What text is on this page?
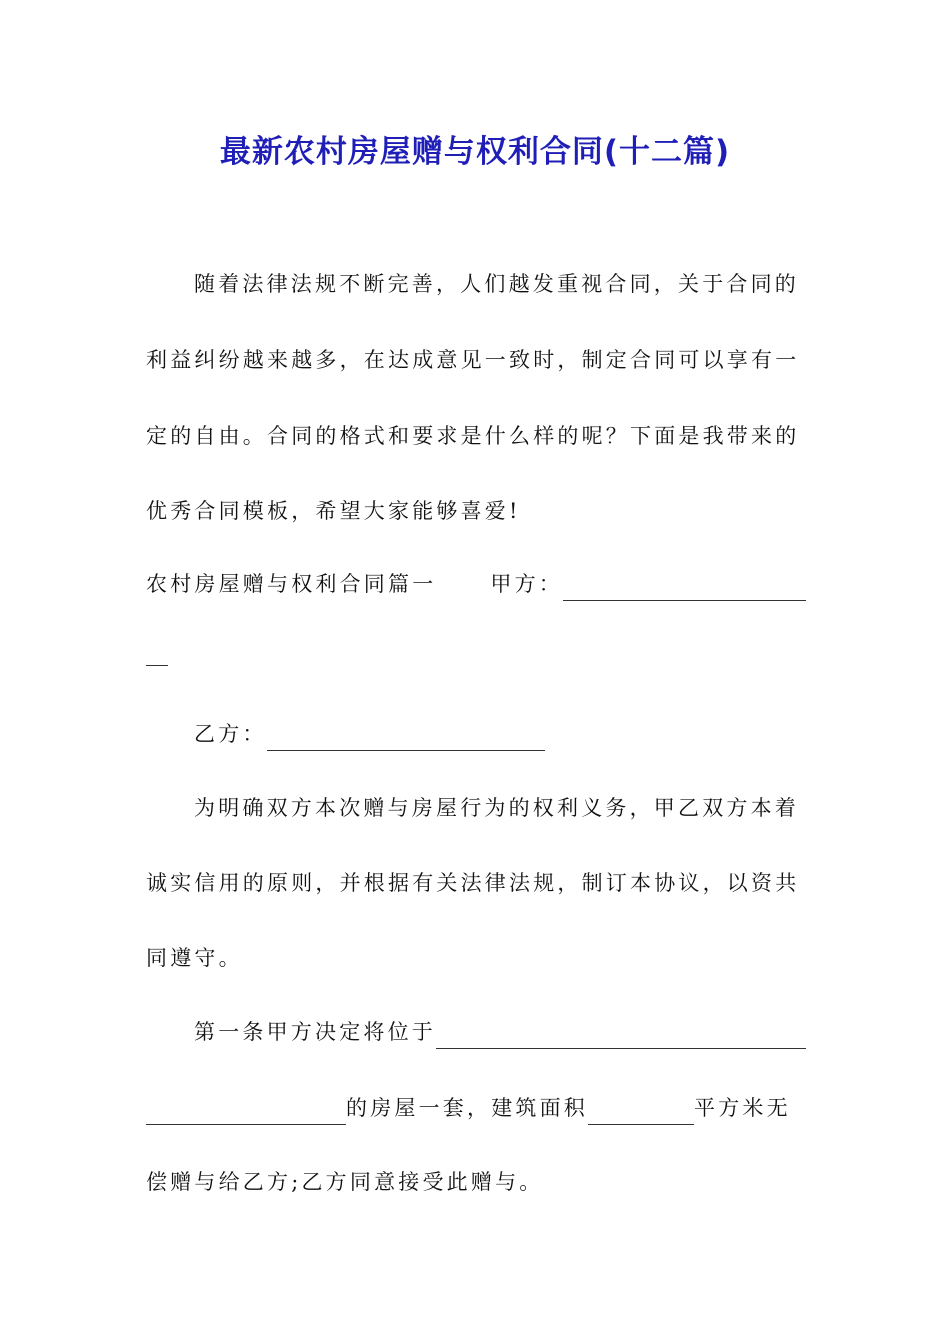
最新农村房屋赠与权利合同(十二篇)
随着法律法规不断完善，人们越发重视合同，关于合同的
利益纠纷越来越多，在达成意见一致时，制定合同可以享有一
定的自由。合同的格式和要求是什么样的呢？下面是我带来的
优秀合同模板，希望大家能够喜爱!
农村房屋赠与权利合同篇一	甲方：
乙方：
为明确双方本次赠与房屋行为的权利义务，甲乙双方本着
诚实信用的原则，并根据有关法律法规，制订本协议，以资共
同遵守。
第一条甲方决定将位于
的房屋一套，建筑面积	平方米无
偿赠与给乙方;乙方同意接受此赠与。
